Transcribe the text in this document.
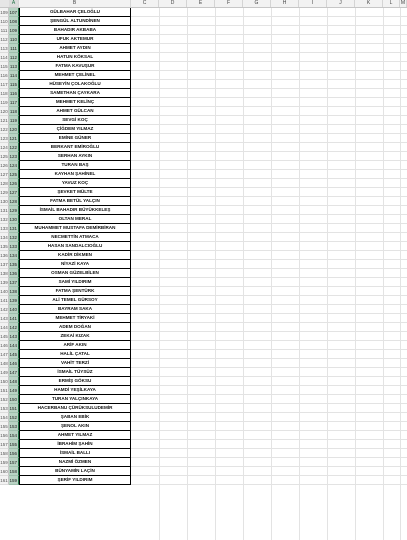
A	B	C	D	E	F	G	H	I	J	K	L	M
109 107	GÜLBAHAR ÇELOĞLU
110 108	ŞENGÜL ALTUNDİNEN
111 109	BAHADIR AKBABA
112 110	UFUK AKTEMUR
113 111	AHMET AYDIN
114 112	HATUN KÖKSAL
115 113	FATMA KAVUŞUR
116 114	MEHMET ÇELİNEL
117 115	HÜSEYİN ÇOLAKOĞLU
118 116	SAMETHAN ÇAYKARA
119 117	MEHMET KELİNÇ
120 118	AHMET GÜLCAN
121 119	SEVGİ KOÇ
122 120	ÇİĞDEM YILMAZ
123 121	EMİNE GÜNER
124 122	BERKANT EMİROĞLU
125 123	SERHAN AYKIN
126 124	TURAN BAŞ
127 125	KAYHAN ŞAHİNEL
128 126	YAVUZ KOÇ
129 127	ŞEVKET MÜLTE
130 128	FATMA BETÜL YALÇIN
131 129	İSMAİL BAHADIR BÜYÜKKELEŞ
132 130	OLTAN MERAL
133 131	MUHAMMET MUSTAFA DEMİRBİRAN
134 132	NECMETTİN ATMACA
135 133	HASAN SANDALCIOĞLU
136 134	KADİR DİKMEN
137 135	NİYAZİ KAYA
138 136	OSMAN GÜZELBİLEN
139 137	SAMİ YILDIRIM
140 138	FATMA ŞENTÜRK
141 139	ALİ TEMEL GÜRSOY
142 140	BAYRAM SAKA
143 141	MEHMET TİRYAKİ
144 142	ADEM DOĞAN
145 143	ZEKAİ KIZAK
146 144	ARİF AKIN
147 145	HALİL ÇATAL
148 146	VAHİT TERZİ
149 147	İSMAİL TÜYSÜZ
150 148	ERMİŞ GÖKSU
151 149	HAMDİ YEŞİLKAYA
152 150	TURAN YALÇINKAYA
153 151	HACERBANU ÇÜRÜKSULUDEMİR
154 152	ŞABAN EBİK
155 153	ŞENOL AKIN
156 154	AHMET YILMAZ
157 155	İBRAHİM ŞAHİN
158 156	İSMAİL BALLI
159 157	NAZMİ ÖZMEN
160 158	BÜNYAMİN LAÇİN
161 159	ŞERİF YILDIRIM
